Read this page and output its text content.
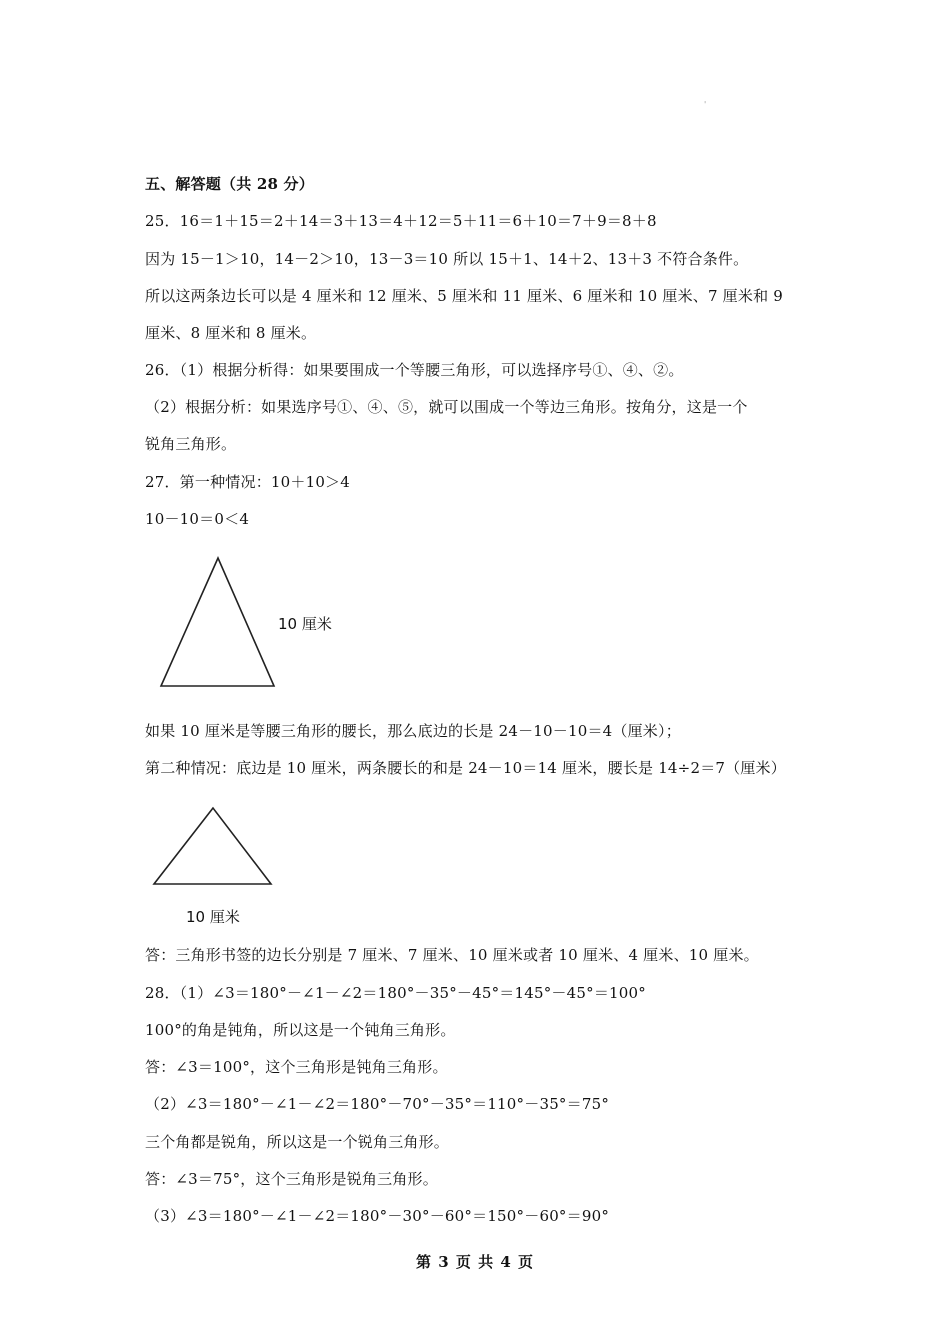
'
五、解答题（共 28 分）
25．16＝1＋15＝2＋14＝3＋13＝4＋12＝5＋11＝6＋10＝7＋9＝8＋8
因为 15－1＞10，14－2＞10，13－3＝10 所以 15＋1、14＋2、13＋3 不符合条件。
所以这两条边长可以是 4 厘米和 12 厘米、5 厘米和 11 厘米、6 厘米和 10 厘米、7 厘米和 9
厘米、8 厘米和 8 厘米。
26．（1）根据分析得：如果要围成一个等腰三角形，可以选择序号①、④、②。
（2）根据分析：如果选序号①、④、⑤，就可以围成一个等边三角形。按角分，这是一个
锐角三角形。
27．第一种情况：10＋10＞4
10－10＝0＜4
10 厘米
如果 10 厘米是等腰三角形的腰长，那么底边的长是 24－10－10＝4（厘米）；
第二种情况：底边是 10 厘米，两条腰长的和是 24－10＝14 厘米，腰长是 14÷2＝7（厘米）
10 厘米
答：三角形书签的边长分别是 7 厘米、7 厘米、10 厘米或者 10 厘米、4 厘米、10 厘米。
28．（1）∠3＝180°－∠1－∠2＝180°－35°－45°＝145°－45°＝100°
100°的角是钝角，所以这是一个钝角三角形。
答：∠3＝100°，这个三角形是钝角三角形。
（2）∠3＝180°－∠1－∠2＝180°－70°－35°＝110°－35°＝75°
三个角都是锐角，所以这是一个锐角三角形。
答：∠3＝75°，这个三角形是锐角三角形。
（3）∠3＝180°－∠1－∠2＝180°－30°－60°＝150°－60°＝90°
第 3 页 共 4 页
